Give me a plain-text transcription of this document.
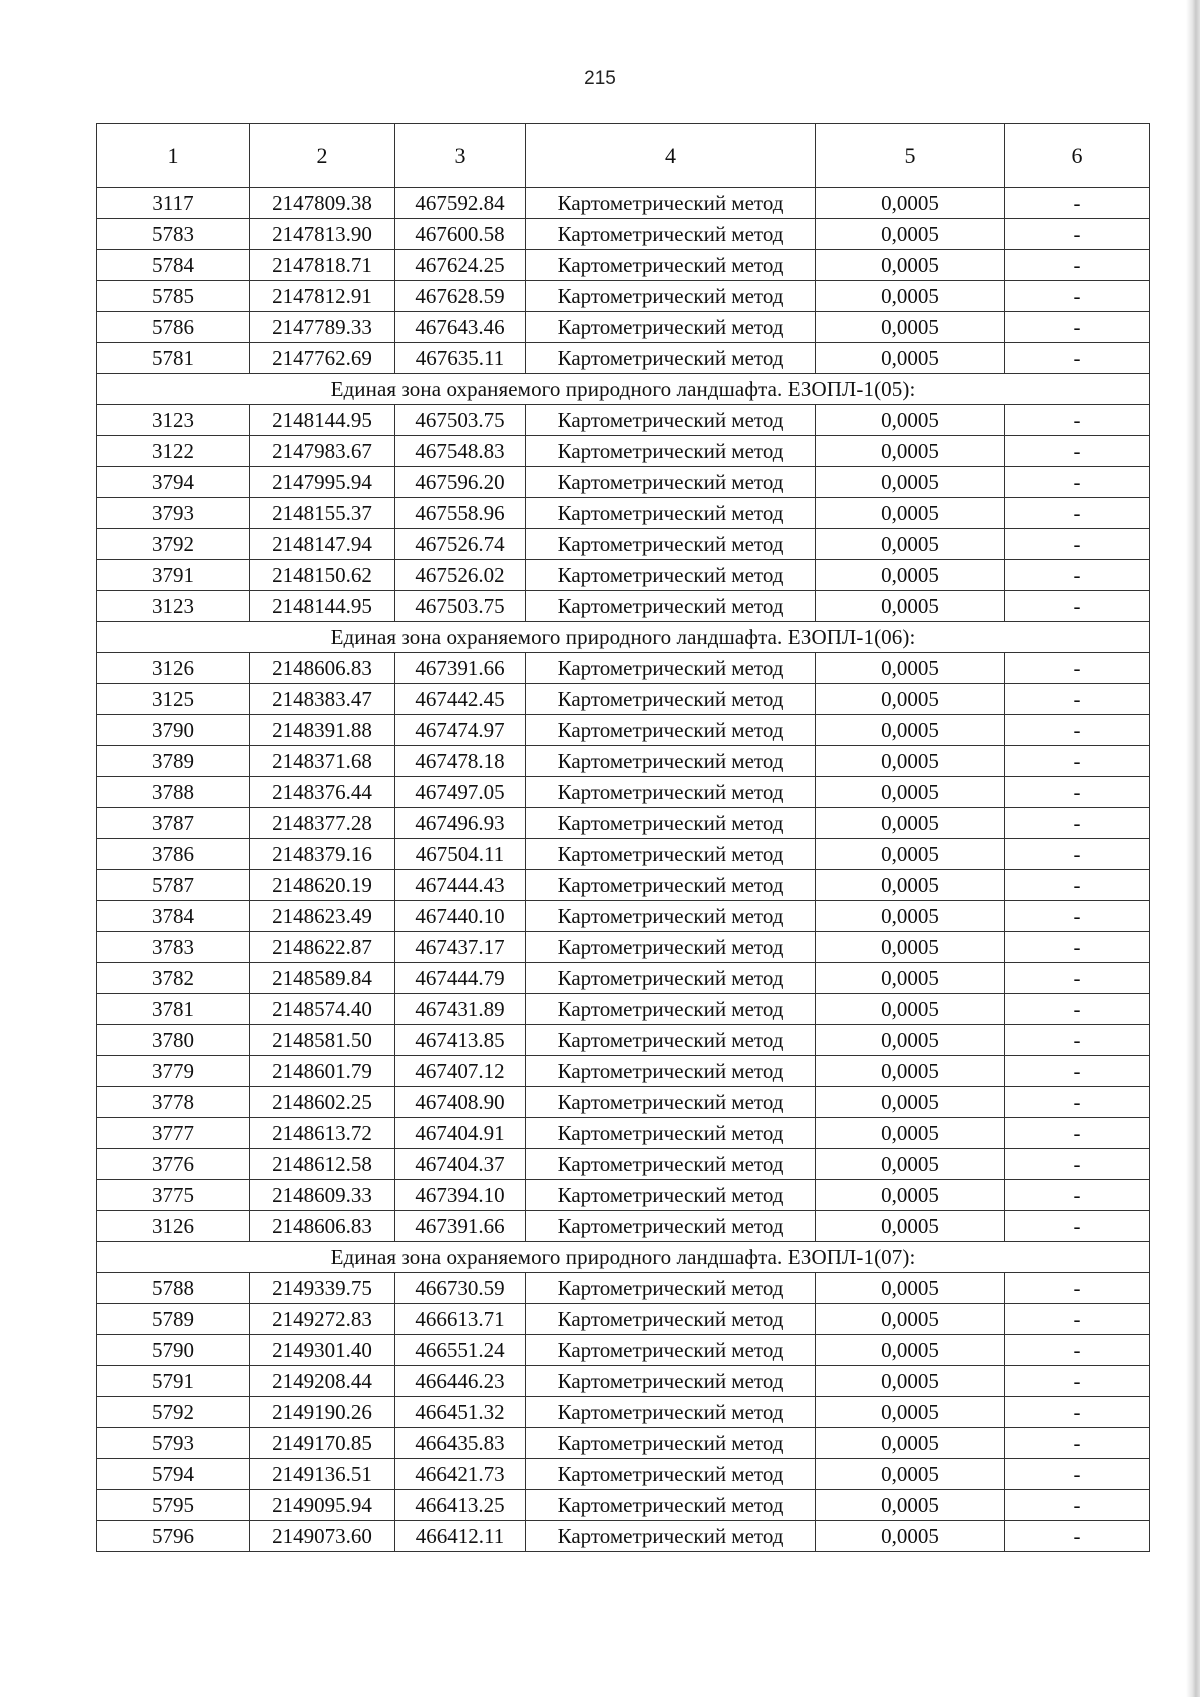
215
1	2	3	4	5	6
3117	2147809.38	467592.84	Картометрический метод	0,0005	-
5783	2147813.90	467600.58	Картометрический метод	0,0005	-
5784	2147818.71	467624.25	Картометрический метод	0,0005	-
5785	2147812.91	467628.59	Картометрический метод	0,0005	-
5786	2147789.33	467643.46	Картометрический метод	0,0005	-
5781	2147762.69	467635.11	Картометрический метод	0,0005	-
Единая зона охраняемого природного ландшафта. ЕЗОПЛ-1(05):					
3123	2148144.95	467503.75	Картометрический метод	0,0005	-
3122	2147983.67	467548.83	Картометрический метод	0,0005	-
3794	2147995.94	467596.20	Картометрический метод	0,0005	-
3793	2148155.37	467558.96	Картометрический метод	0,0005	-
3792	2148147.94	467526.74	Картометрический метод	0,0005	-
3791	2148150.62	467526.02	Картометрический метод	0,0005	-
3123	2148144.95	467503.75	Картометрический метод	0,0005	-
Единая зона охраняемого природного ландшафта. ЕЗОПЛ-1(06):					
3126	2148606.83	467391.66	Картометрический метод	0,0005	-
3125	2148383.47	467442.45	Картометрический метод	0,0005	-
3790	2148391.88	467474.97	Картометрический метод	0,0005	-
3789	2148371.68	467478.18	Картометрический метод	0,0005	-
3788	2148376.44	467497.05	Картометрический метод	0,0005	-
3787	2148377.28	467496.93	Картометрический метод	0,0005	-
3786	2148379.16	467504.11	Картометрический метод	0,0005	-
5787	2148620.19	467444.43	Картометрический метод	0,0005	-
3784	2148623.49	467440.10	Картометрический метод	0,0005	-
3783	2148622.87	467437.17	Картометрический метод	0,0005	-
3782	2148589.84	467444.79	Картометрический метод	0,0005	-
3781	2148574.40	467431.89	Картометрический метод	0,0005	-
3780	2148581.50	467413.85	Картометрический метод	0,0005	-
3779	2148601.79	467407.12	Картометрический метод	0,0005	-
3778	2148602.25	467408.90	Картометрический метод	0,0005	-
3777	2148613.72	467404.91	Картометрический метод	0,0005	-
3776	2148612.58	467404.37	Картометрический метод	0,0005	-
3775	2148609.33	467394.10	Картометрический метод	0,0005	-
3126	2148606.83	467391.66	Картометрический метод	0,0005	-
Единая зона охраняемого природного ландшафта. ЕЗОПЛ-1(07):					
5788	2149339.75	466730.59	Картометрический метод	0,0005	-
5789	2149272.83	466613.71	Картометрический метод	0,0005	-
5790	2149301.40	466551.24	Картометрический метод	0,0005	-
5791	2149208.44	466446.23	Картометрический метод	0,0005	-
5792	2149190.26	466451.32	Картометрический метод	0,0005	-
5793	2149170.85	466435.83	Картометрический метод	0,0005	-
5794	2149136.51	466421.73	Картометрический метод	0,0005	-
5795	2149095.94	466413.25	Картометрический метод	0,0005	-
5796	2149073.60	466412.11	Картометрический метод	0,0005	-
